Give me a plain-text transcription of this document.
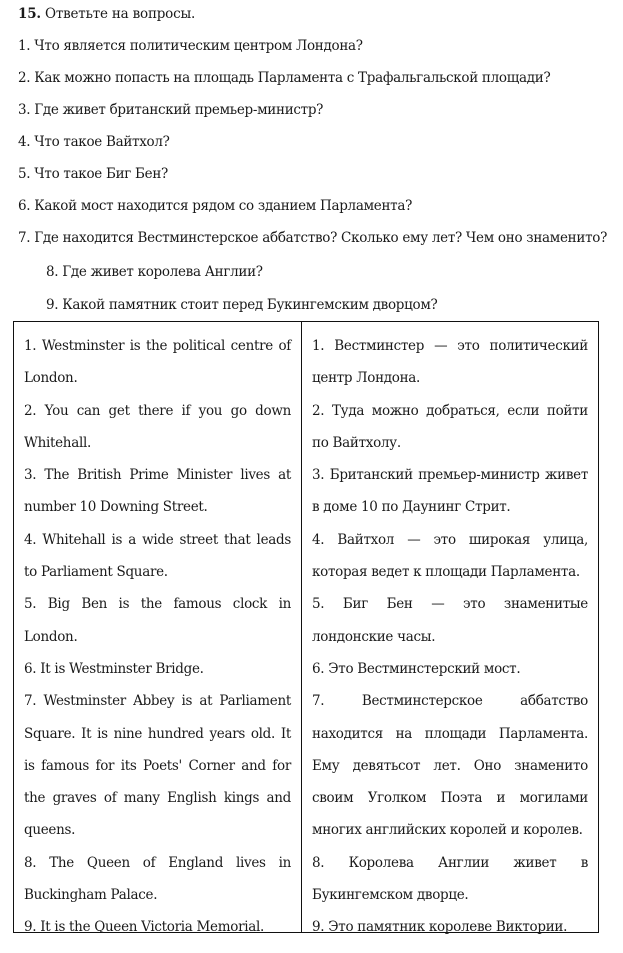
15. Ответьте на вопросы.
1. Что является политическим центром Лондона?
2. Как можно попасть на площадь Парламента с Трафальгальской площади?
3. Где живет британский премьер-министр?
4. Что такое Вайтхол?
5. Что такое Биг Бен?
6. Какой мост находится рядом со зданием Парламента?
7. Где находится Вестминстерское аббатство? Сколько ему лет? Чем оно знаменито?
8. Где живет королева Англии?
9. Какой памятник стоит перед Букингемским дворцом?
1. Westminster is the political centre of London.
2. You can get there if you go down Whitehall.
3. The British Prime Minister lives at number 10 Downing Street.
4. Whitehall is a wide street that leads to Parliament Square.
5. Big Ben is the famous clock in London.
6. It is Westminster Bridge.
7. Westminster Abbey is at Parliament Square. It is nine hundred years old. It is famous for its Poets' Corner and for the graves of many English kings and queens.
8. The Queen of England lives in Buckingham Palace.
9. It is the Queen Victoria Memorial.
1. Вестминстер — это политический центр Лондона.
2. Туда можно добраться, если пойти по Вайтхолу.
3. Британский премьер-министр живет в доме 10 по Даунинг Стрит.
4. Вайтхол — это широкая улица, которая ведет к площади Парламента.
5. Биг Бен — это знаменитые лондонские часы.
6. Это Вестминстерский мост.
7. Вестминстерское аббатство находится на площади Парламента. Ему девятьсот лет. Оно знаменито своим Уголком Поэта и могилами многих английских королей и королев.
8. Королева Англии живет в Букингемском дворце.
9. Это памятник королеве Виктории.
